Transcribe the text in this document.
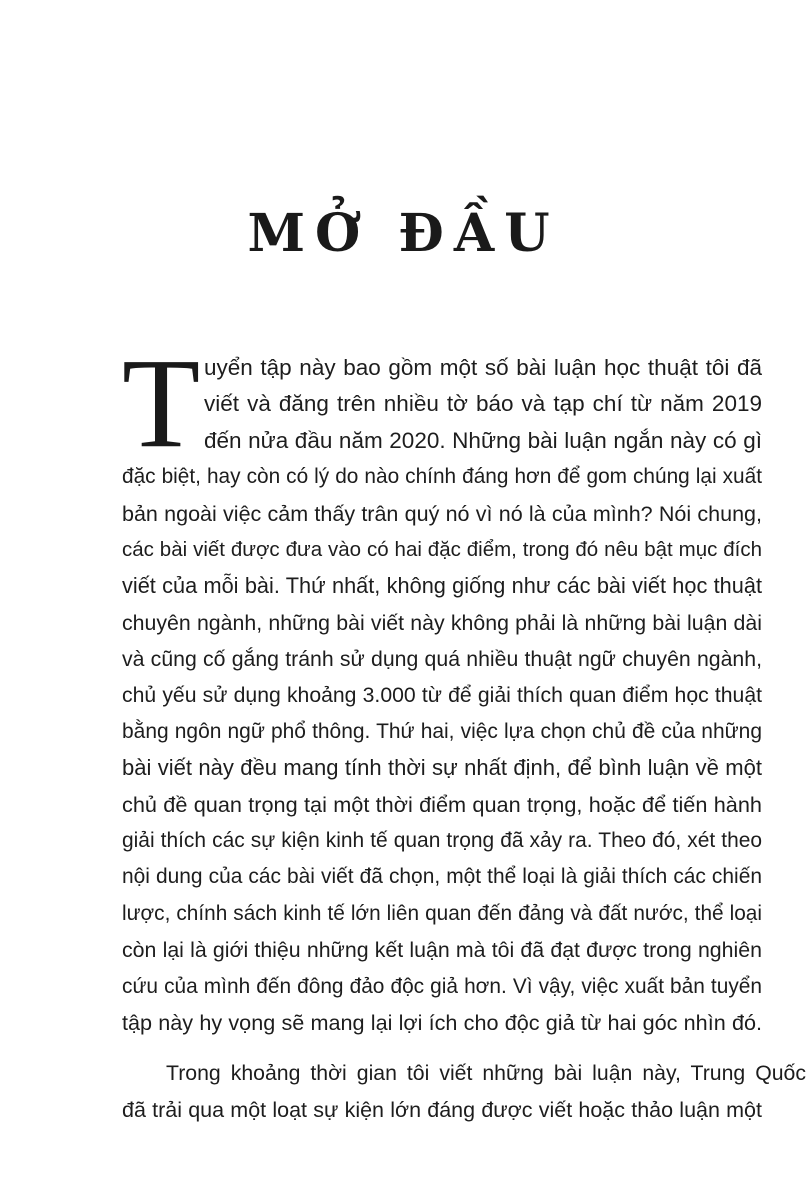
MỞ ĐẦU
T uyển tập này bao gồm một số bài luận học thuật tôi đã
viết và đăng trên nhiều tờ báo và tạp chí từ năm 2019
đến nửa đầu năm 2020. Những bài luận ngắn này có gì
đặc biệt, hay còn có lý do nào chính đáng hơn để gom chúng lại xuất
bản ngoài việc cảm thấy trân quý nó vì nó là của mình? Nói chung,
các bài viết được đưa vào có hai đặc điểm, trong đó nêu bật mục đích
viết của mỗi bài. Thứ nhất, không giống như các bài viết học thuật
chuyên ngành, những bài viết này không phải là những bài luận dài
và cũng cố gắng tránh sử dụng quá nhiều thuật ngữ chuyên ngành,
chủ yếu sử dụng khoảng 3.000 từ để giải thích quan điểm học thuật
bằng ngôn ngữ phổ thông. Thứ hai, việc lựa chọn chủ đề của những
bài viết này đều mang tính thời sự nhất định, để bình luận về một
chủ đề quan trọng tại một thời điểm quan trọng, hoặc để tiến hành
giải thích các sự kiện kinh tế quan trọng đã xảy ra. Theo đó, xét theo
nội dung của các bài viết đã chọn, một thể loại là giải thích các chiến
lược, chính sách kinh tế lớn liên quan đến đảng và đất nước, thể loại
còn lại là giới thiệu những kết luận mà tôi đã đạt được trong nghiên
cứu của mình đến đông đảo độc giả hơn. Vì vậy, việc xuất bản tuyển
tập này hy vọng sẽ mang lại lợi ích cho độc giả từ hai góc nhìn đó.
Trong khoảng thời gian tôi viết những bài luận này, Trung Quốc
đã trải qua một loạt sự kiện lớn đáng được viết hoặc thảo luận một
